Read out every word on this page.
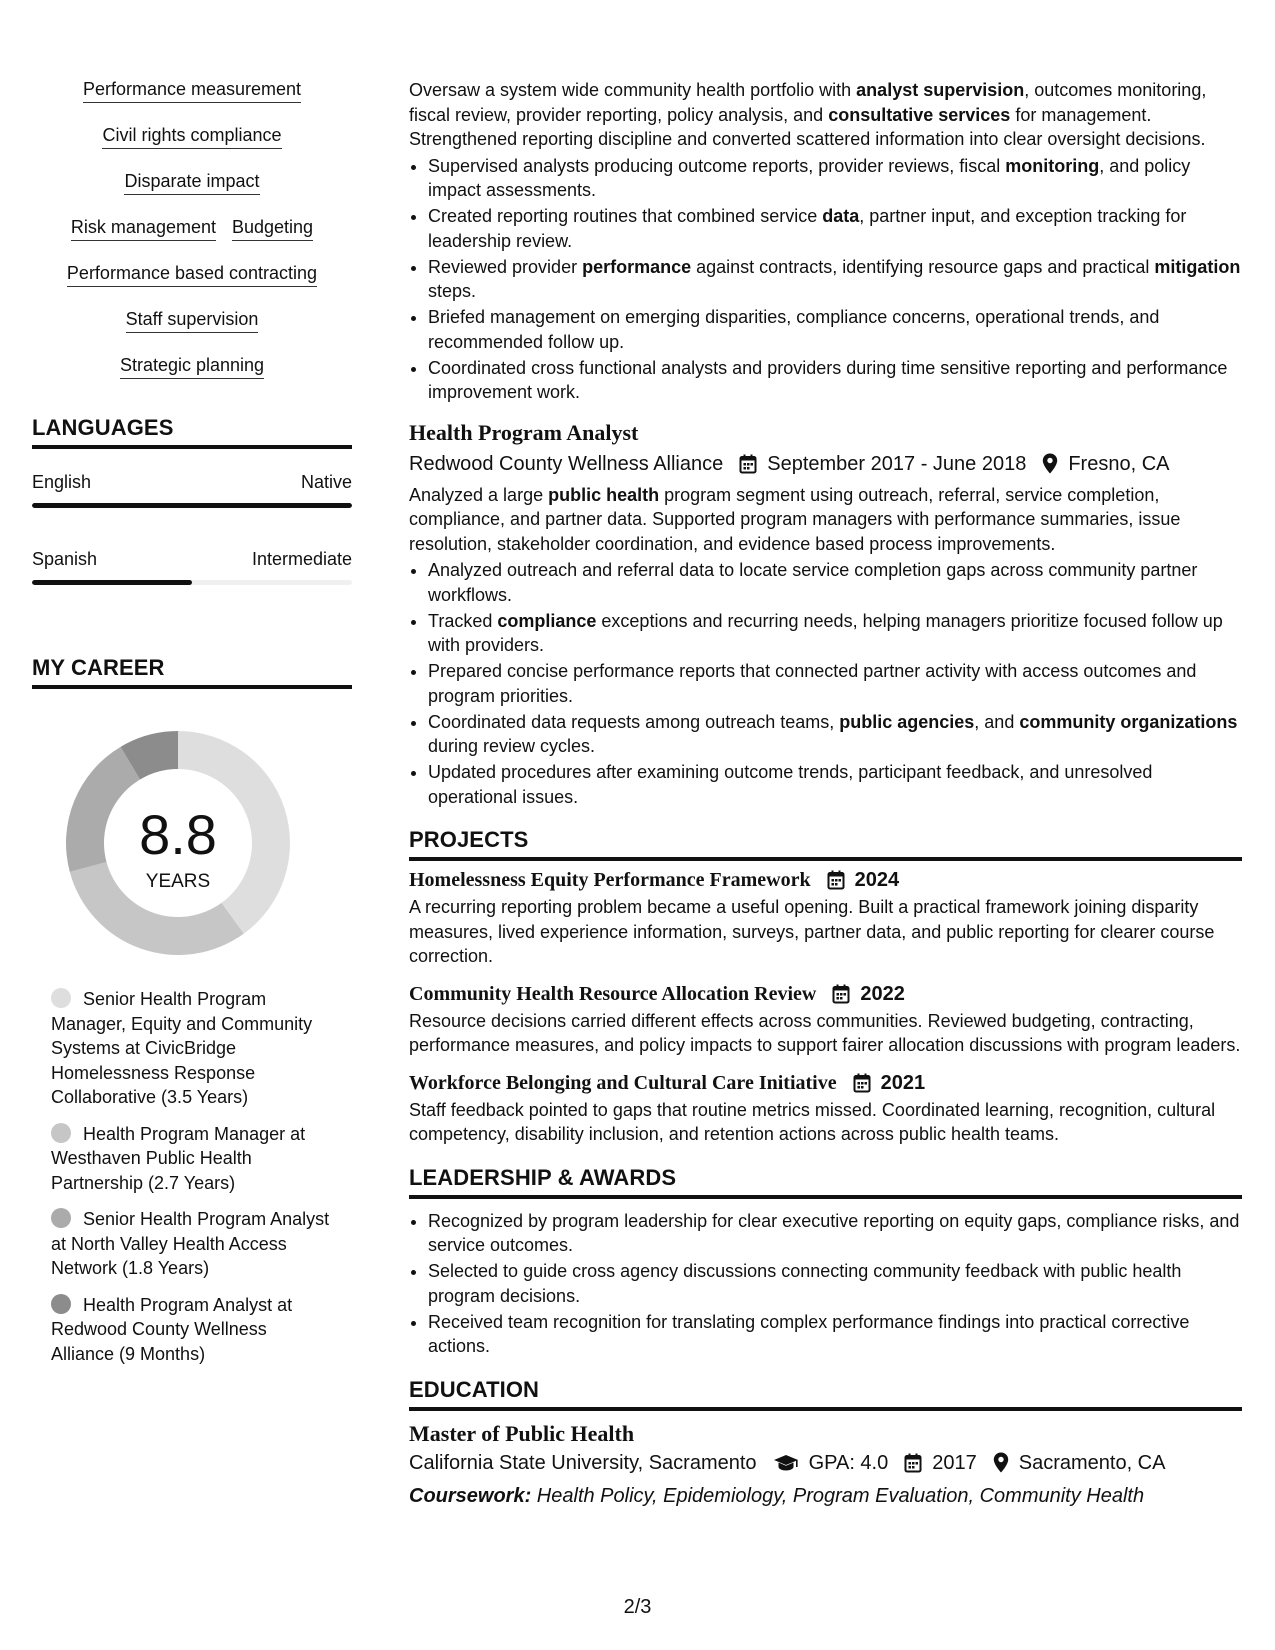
Performance measurement
Civil rights compliance
Disparate impact
Risk management Budgeting
Performance based contracting
Staff supervision
Strategic planning
LANGUAGES
English	Native
Spanish	Intermediate
MY CAREER
8.8
YEARS
Senior Health Program Manager, Equity and Community Systems at CivicBridge Homelessness Response Collaborative (3.5 Years)
Health Program Manager at Westhaven Public Health Partnership (2.7 Years)
Senior Health Program Analyst at North Valley Health Access Network (1.8 Years)
Health Program Analyst at Redwood County Wellness Alliance (9 Months)

Oversaw a system wide community health portfolio with analyst supervision, outcomes monitoring, fiscal review, provider reporting, policy analysis, and consultative services for management. Strengthened reporting discipline and converted scattered information into clear oversight decisions.

• Supervised analysts producing outcome reports, provider reviews, fiscal monitoring, and policy impact assessments.
• Created reporting routines that combined service data, partner input, and exception tracking for leadership review.
• Reviewed provider performance against contracts, identifying resource gaps and practical mitigation steps.
• Briefed management on emerging disparities, compliance concerns, operational trends, and recommended follow up.
• Coordinated cross functional analysts and providers during time sensitive reporting and performance improvement work.
Health Program Analyst
Redwood County Wellness Alliance September 2017 - June 2018 Fresno, CA

Analyzed a large public health program segment using outreach, referral, service completion, compliance, and partner data. Supported program managers with performance summaries, issue resolution, stakeholder coordination, and evidence based process improvements.

• Analyzed outreach and referral data to locate service completion gaps across community partner workflows.
• Tracked compliance exceptions and recurring needs, helping managers prioritize focused follow up with providers.
• Prepared concise performance reports that connected partner activity with access outcomes and program priorities.
• Coordinated data requests among outreach teams, public agencies, and community organizations during review cycles.
• Updated procedures after examining outcome trends, participant feedback, and unresolved operational issues.
PROJECTS
Homelessness Equity Performance Framework 2024

A recurring reporting problem became a useful opening. Built a practical framework joining disparity measures, lived experience information, surveys, partner data, and public reporting for clearer course correction.

Community Health Resource Allocation Review 2022

Resource decisions carried different effects across communities. Reviewed budgeting, contracting, performance measures, and policy impacts to support fairer allocation discussions with program leaders.

Workforce Belonging and Cultural Care Initiative 2021

Staff feedback pointed to gaps that routine metrics missed. Coordinated learning, recognition, cultural competency, disability inclusion, and retention actions across public health teams.

LEADERSHIP & AWARDS
• Recognized by program leadership for clear executive reporting on equity gaps, compliance risks, and service outcomes.
• Selected to guide cross agency discussions connecting community feedback with public health program decisions.
• Received team recognition for translating complex performance findings into practical corrective actions.
EDUCATION
Master of Public Health
California State University, Sacramento	GPA: 4.0 2017 Sacramento, CA
Coursework: Health Policy, Epidemiology, Program Evaluation, Community Health
2/3
